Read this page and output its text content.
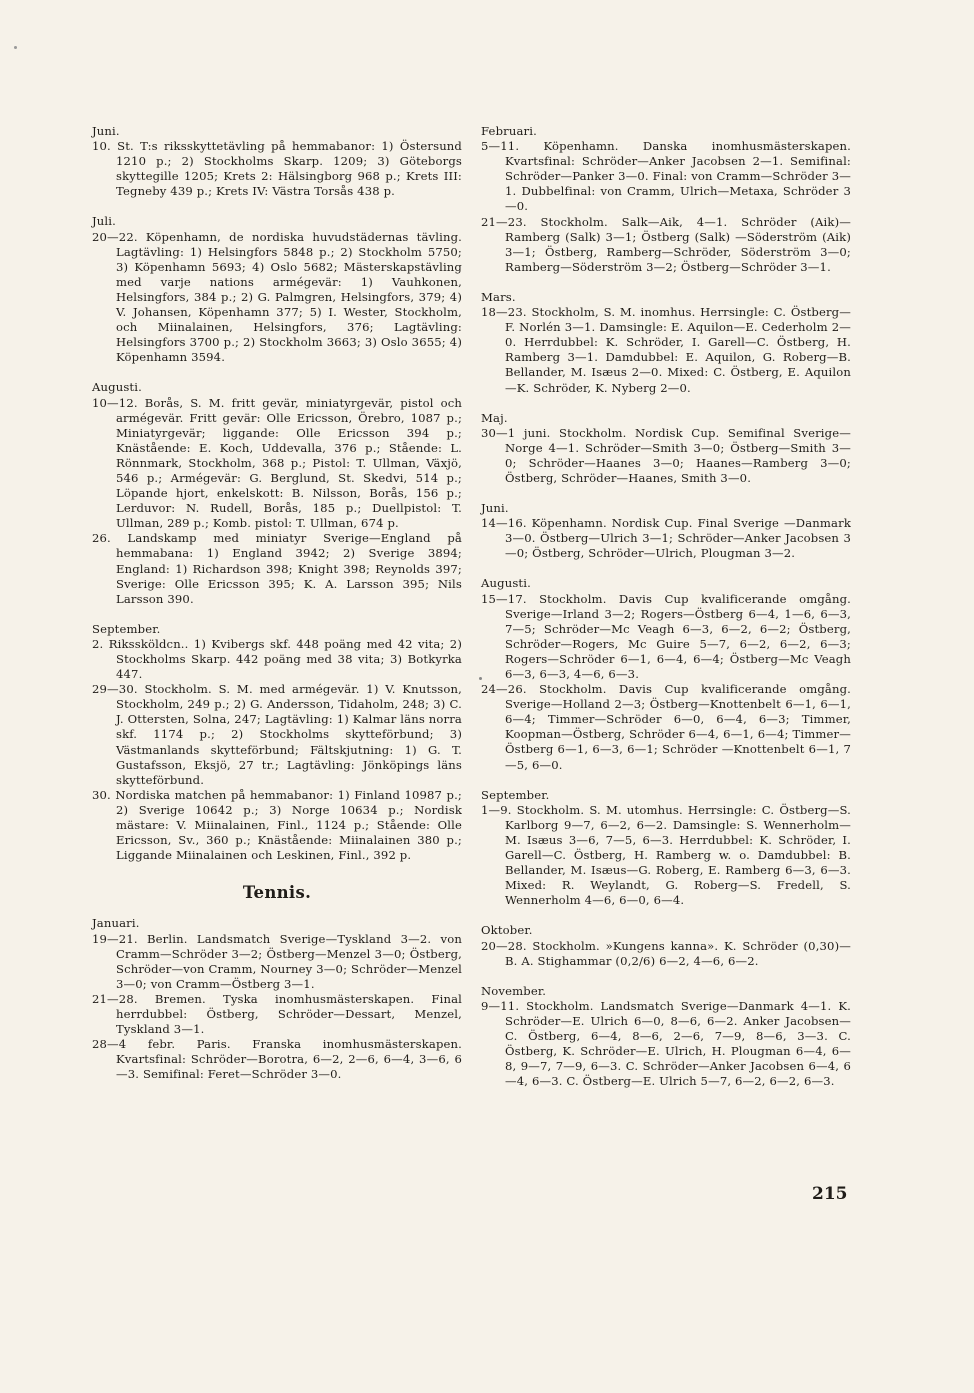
Juni.
10. St. T:s riksskyttetävling på hemmabanor: 1) Östersund 1210 p.; 2) Stockholms Skarp. 1209; 3) Göteborgs skyttegille 1205; Krets 2: Hälsingborg 968 p.; Krets III: Tegneby 439 p.; Krets IV: Västra Torsås 438 p.
Juli.
20—22. Köpenhamn, de nordiska huvudstädernas tävling. Lagtävling: 1) Helsingfors 5848 p.; 2) Stockholm 5750; 3) Köpenhamn 5693; 4) Oslo 5682; Mästerskapstävling med varje nations armégevär: 1) Vauhkonen, Helsingfors, 384 p.; 2) G. Palmgren, Helsingfors, 379; 4) V. Johansen, Köpenhamn 377; 5) I. Wester, Stockholm, och Miinalainen, Helsingfors, 376; Lagtävling: Helsingfors 3700 p.; 2) Stockholm 3663; 3) Oslo 3655; 4) Köpenhamn 3594.
Augusti.
10—12. Borås, S. M. fritt gevär, miniatyrgevär, pistol och armégevär. Fritt gevär: Olle Ericsson, Örebro, 1087 p.; Miniatyrgevär; liggande: Olle Ericsson 394 p.; Knästående: E. Koch, Uddevalla, 376 p.; Stående: L. Rönnmark, Stockholm, 368 p.; Pistol: T. Ullman, Växjö, 546 p.; Armégevär: G. Berglund, St. Skedvi, 514 p.; Löpande hjort, enkelskott: B. Nilsson, Borås, 156 p.; Lerduvor: N. Rudell, Borås, 185 p.; Duellpistol: T. Ullman, 289 p.; Komb. pistol: T. Ullman, 674 p.
26. Landskamp med miniatyr Sverige—England på hemmabana: 1) England 3942; 2) Sverige 3894; England: 1) Richardson 398; Knight 398; Reynolds 397; Sverige: Olle Ericsson 395; K. A. Larsson 395; Nils Larsson 390.
September.
2. Rikssköldcn.. 1) Kvibergs skf. 448 poäng med 42 vita; 2) Stockholms Skarp. 442 poäng med 38 vita; 3) Botkyrka 447.
29—30. Stockholm. S. M. med armégevär. 1) V. Knutsson, Stockholm, 249 p.; 2) G. Andersson, Tidaholm, 248; 3) C. J. Ottersten, Solna, 247; Lagtävling: 1) Kalmar läns norra skf. 1174 p.; 2) Stockholms skytteförbund; 3) Västmanlands skytteförbund; Fältskjutning: 1) G. T. Gustafsson, Eksjö, 27 tr.; Lagtävling: Jönköpings läns skytteförbund.
30. Nordiska matchen på hemmabanor: 1) Finland 10987 p.; 2) Sverige 10642 p.; 3) Norge 10634 p.; Nordisk mästare: V. Miinalainen, Finl., 1124 p.; Stående: Olle Ericsson, Sv., 360 p.; Knästående: Miinalainen 380 p.; Liggande Miinalainen och Leskinen, Finl., 392 p.
Tennis.
Januari.
19—21. Berlin. Landsmatch Sverige—Tyskland 3—2. von Cramm—Schröder 3—2; Östberg—Menzel 3—0; Östberg, Schröder—von Cramm, Nourney 3—0; Schröder—Menzel 3—0; von Cramm—Östberg 3—1.
21—28. Bremen. Tyska inomhusmästerskapen. Final herrdubbel: Östberg, Schröder—Dessart, Menzel, Tyskland 3—1.
28—4 febr. Paris. Franska inomhusmästerskapen. Kvartsfinal: Schröder—Borotra, 6—2, 2—6, 6—4, 3—6, 6—3. Semifinal: Feret—Schröder 3—0.
Februari.
5—11. Köpenhamn. Danska inomhusmästerskapen. Kvartsfinal: Schröder—Anker Jacobsen 2—1. Semifinal: Schröder—Panker 3—0. Final: von Cramm—Schröder 3—1. Dubbelfinal: von Cramm, Ulrich—Metaxa, Schröder 3—0.
21—23. Stockholm. Salk—Aik, 4—1. Schröder (Aik)—Ramberg (Salk) 3—1; Östberg (Salk) —Söderström (Aik) 3—1; Östberg, Ramberg—Schröder, Söderström 3—0; Ramberg—Söderström 3—2; Östberg—Schröder 3—1.
Mars.
18—23. Stockholm, S. M. inomhus. Herrsingle: C. Östberg—F. Norlén 3—1. Damsingle: E. Aquilon—E. Cederholm 2—0. Herrdubbel: K. Schröder, I. Garell—C. Östberg, H. Ramberg 3—1. Damdubbel: E. Aquilon, G. Roberg—B. Bellander, M. Isæus 2—0. Mixed: C. Östberg, E. Aquilon—K. Schröder, K. Nyberg 2—0.
Maj.
30—1 juni. Stockholm. Nordisk Cup. Semifinal Sverige—Norge 4—1. Schröder—Smith 3—0; Östberg—Smith 3—0; Schröder—Haanes 3—0; Haanes—Ramberg 3—0; Östberg, Schröder—Haanes, Smith 3—0.
Juni.
14—16. Köpenhamn. Nordisk Cup. Final Sverige —Danmark 3—0. Östberg—Ulrich 3—1; Schröder—Anker Jacobsen 3—0; Östberg, Schröder—Ulrich, Plougman 3—2.
Augusti.
15—17. Stockholm. Davis Cup kvalificerande omgång. Sverige—Irland 3—2; Rogers—Östberg 6—4, 1—6, 6—3, 7—5; Schröder—Mc Veagh 6—3, 6—2, 6—2; Östberg, Schröder—Rogers, Mc Guire 5—7, 6—2, 6—2, 6—3; Rogers—Schröder 6—1, 6—4, 6—4; Östberg—Mc Veagh 6—3, 6—3, 4—6, 6—3.
24—26. Stockholm. Davis Cup kvalificerande omgång. Sverige—Holland 2—3; Östberg—Knottenbelt 6—1, 6—1, 6—4; Timmer—Schröder 6—0, 6—4, 6—3; Timmer, Koopman—Östberg, Schröder 6—4, 6—1, 6—4; Timmer—Östberg 6—1, 6—3, 6—1; Schröder —Knottenbelt 6—1, 7—5, 6—0.
September.
1—9. Stockholm. S. M. utomhus. Herrsingle: C. Östberg—S. Karlborg 9—7, 6—2, 6—2. Damsingle: S. Wennerholm—M. Isæus 3—6, 7—5, 6—3. Herrdubbel: K. Schröder, I. Garell—C. Östberg, H. Ramberg w. o. Damdubbel: B. Bellander, M. Isæus—G. Roberg, E. Ramberg 6—3, 6—3. Mixed: R. Weylandt, G. Roberg—S. Fredell, S. Wennerholm 4—6, 6—0, 6—4.
Oktober.
20—28. Stockholm. »Kungens kanna». K. Schröder (0,30)—B. A. Stighammar (0,2/6) 6—2, 4—6, 6—2.
November.
9—11. Stockholm. Landsmatch Sverige—Danmark 4—1. K. Schröder—E. Ulrich 6—0, 8—6, 6—2. Anker Jacobsen—C. Östberg, 6—4, 8—6, 2—6, 7—9, 8—6, 3—3. C. Östberg, K. Schröder—E. Ulrich, H. Plougman 6—4, 6—8, 9—7, 7—9, 6—3. C. Schröder—Anker Jacobsen 6—4, 6—4, 6—3. C. Östberg—E. Ulrich 5—7, 6—2, 6—2, 6—3.
215
